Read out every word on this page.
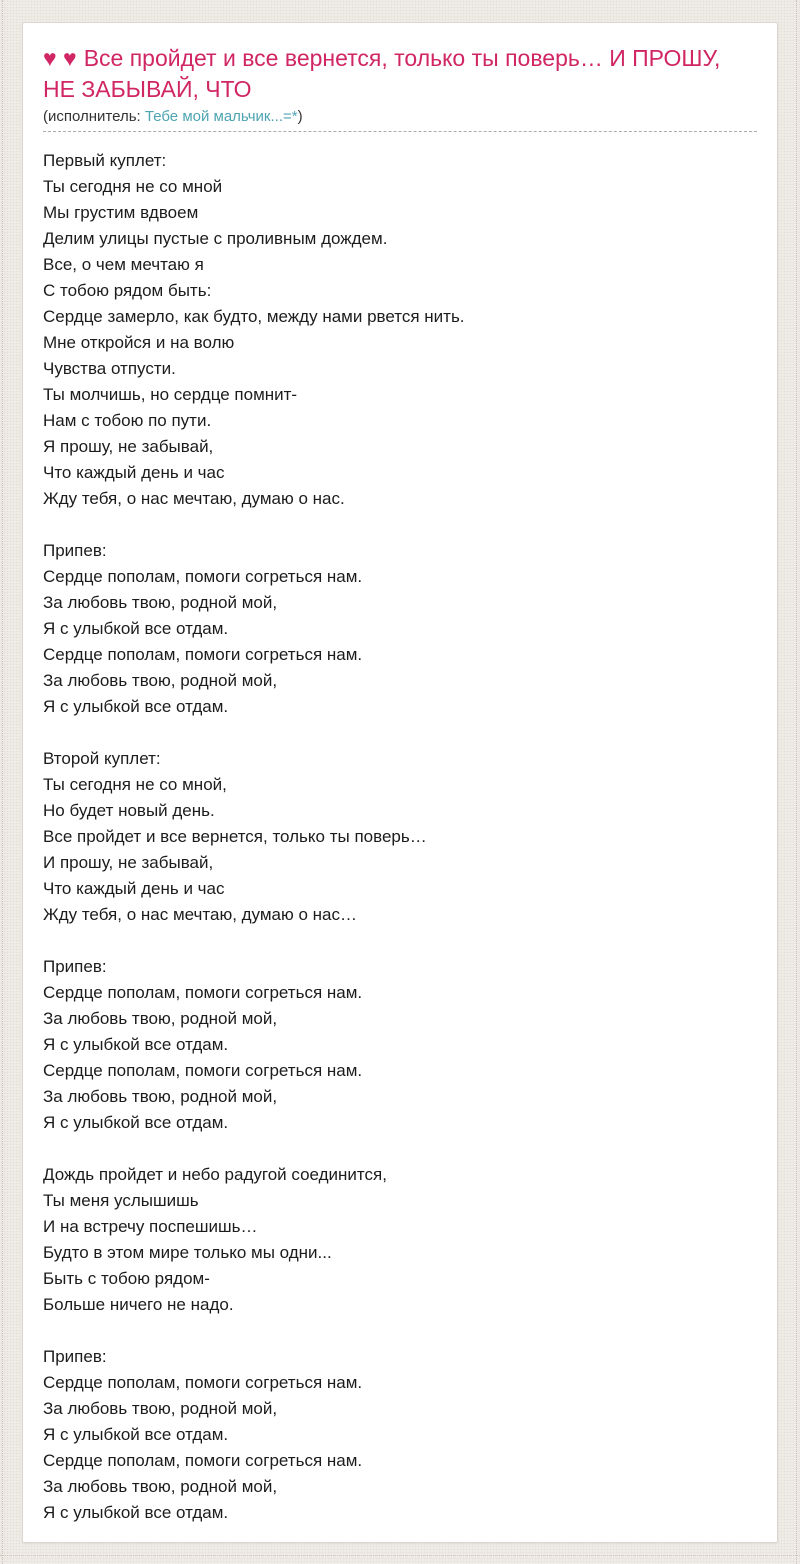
♥ ♥ Все пройдет и все вернется, только ты поверь… И ПРОШУ, НЕ ЗАБЫВАЙ, ЧТО
(исполнитель: Тебе мой мальчик...=*)
Первый куплет:
Ты сегодня не со мной
Мы грустим вдвоем
Делим улицы пустые с проливным дождем.
Все, о чем мечтаю я
С тобою рядом быть:
Сердце замерло, как будто, между нами рвется нить.
Мне откройся и на волю
Чувства отпусти.
Ты молчишь, но сердце помнит-
Нам с тобою по пути.
Я прошу, не забывай,
Что каждый день и час
Жду тебя, о нас мечтаю, думаю о нас.
Припев:
Сердце пополам, помоги согреться нам.
За любовь твою, родной мой,
Я с улыбкой все отдам.
Сердце пополам, помоги согреться нам.
За любовь твою, родной мой,
Я с улыбкой все отдам.
Второй куплет:
Ты сегодня не со мной,
Но будет новый день.
Все пройдет и все вернется, только ты поверь…
И прошу, не забывай,
Что каждый день и час
Жду тебя, о нас мечтаю, думаю о нас…
Припев:
Сердце пополам, помоги согреться нам.
За любовь твою, родной мой,
Я с улыбкой все отдам.
Сердце пополам, помоги согреться нам.
За любовь твою, родной мой,
Я с улыбкой все отдам.
Дождь пройдет и небо радугой соединится,
Ты меня услышишь
И на встречу поспешишь…
Будто в этом мире только мы одни...
Быть с тобою рядом-
Больше ничего не надо.
Припев:
Сердце пополам, помоги согреться нам.
За любовь твою, родной мой,
Я с улыбкой все отдам.
Сердце пополам, помоги согреться нам.
За любовь твою, родной мой,
Я с улыбкой все отдам.
